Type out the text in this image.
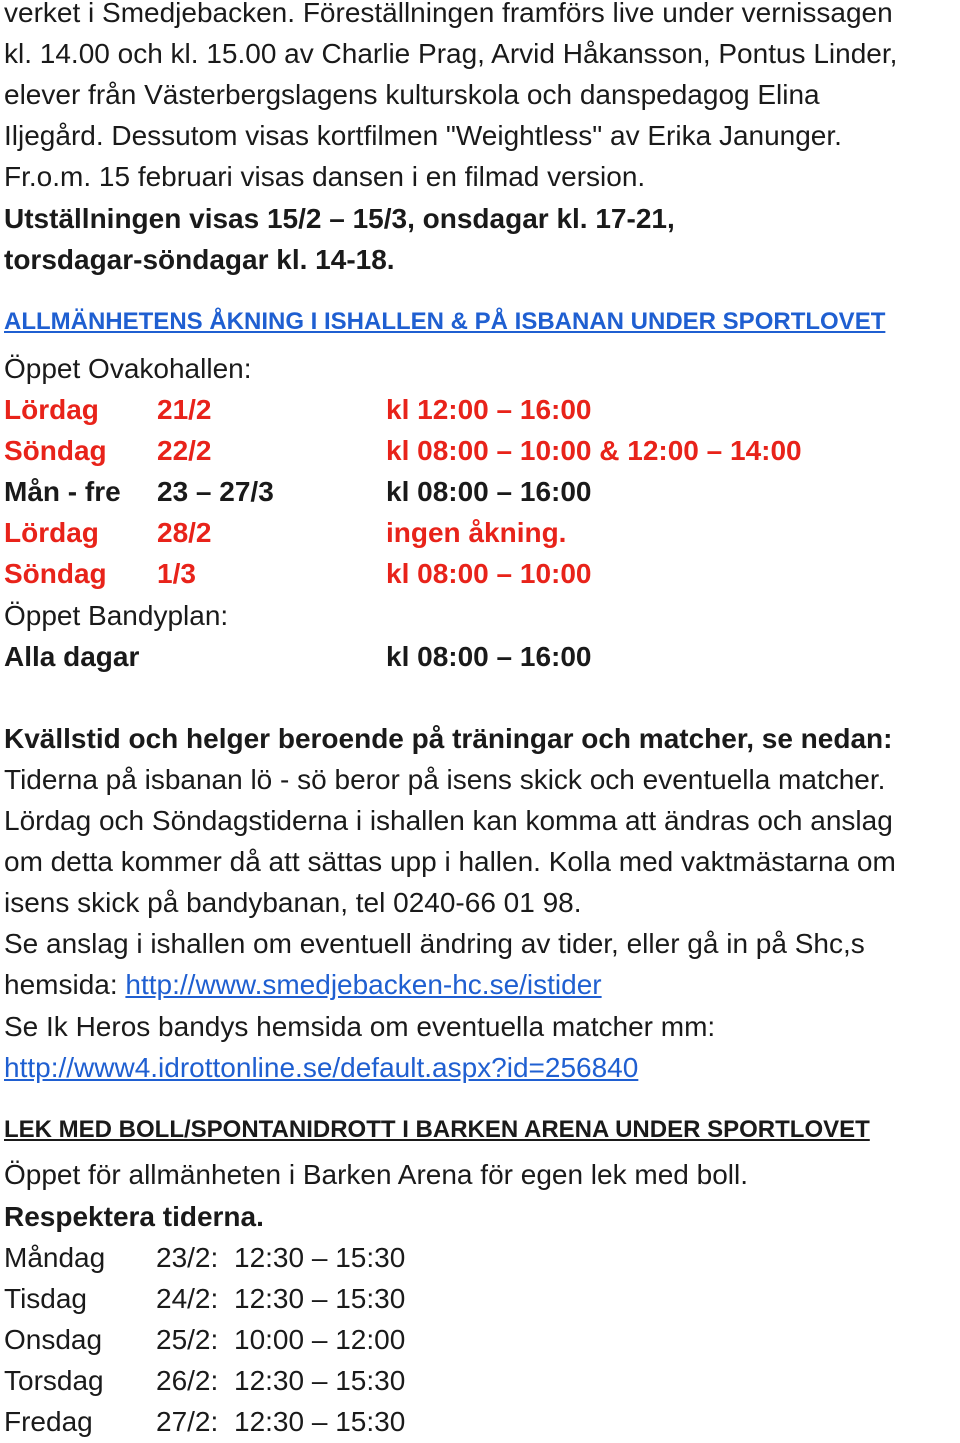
verket i Smedjebacken. Föreställningen framförs live under vernissagen
kl. 14.00 och kl. 15.00 av Charlie Prag, Arvid Håkansson, Pontus Linder,
elever från Västerbergslagens kulturskola och danspedagog Elina
Iljegård. Dessutom visas kortfilmen "Weightless" av Erika Janunger.
Fr.o.m. 15 februari visas dansen i en filmad version.
Utställningen visas 15/2 – 15/3, onsdagar kl. 17-21,
torsdagar-söndagar kl. 14-18.
ALLMÄNHETENS ÅKNING I ISHALLEN & PÅ ISBANAN UNDER SPORTLOVET
Öppet Ovakohallen:
Lördag 21/2	kl 12:00 – 16:00
Söndag 22/2	kl 08:00 – 10:00 & 12:00 – 14:00
Mån - fre 23 – 27/3	kl 08:00 – 16:00
Lördag 28/2	ingen åkning.
Söndag 1/3	kl 08:00 – 10:00
Öppet Bandyplan:
Alla dagar	kl 08:00 – 16:00
Kvällstid och helger beroende på träningar och matcher, se nedan:
Tiderna på isbanan lö - sö beror på isens skick och eventuella matcher.
Lördag och Söndagstiderna i ishallen kan komma att ändras och anslag
om detta kommer då att sättas upp i hallen. Kolla med vaktmästarna om
isens skick på bandybanan, tel 0240-66 01 98.
Se anslag i ishallen om eventuell ändring av tider, eller gå in på Shc,s
hemsida: http://www.smedjebacken-hc.se/istider
Se Ik Heros bandys hemsida om eventuella matcher mm:
http://www4.idrottonline.se/default.aspx?id=256840
LEK MED BOLL/SPONTANIDROTT I BARKEN ARENA UNDER SPORTLOVET
Öppet för allmänheten i Barken Arena för egen lek med boll.
Respektera tiderna.
Måndag 23/2: 12:30 – 15:30
Tisdag 24/2: 12:30 – 15:30
Onsdag 25/2: 10:00 – 12:00
Torsdag 26/2: 12:30 – 15:30
Fredag 27/2: 12:30 – 15:30
